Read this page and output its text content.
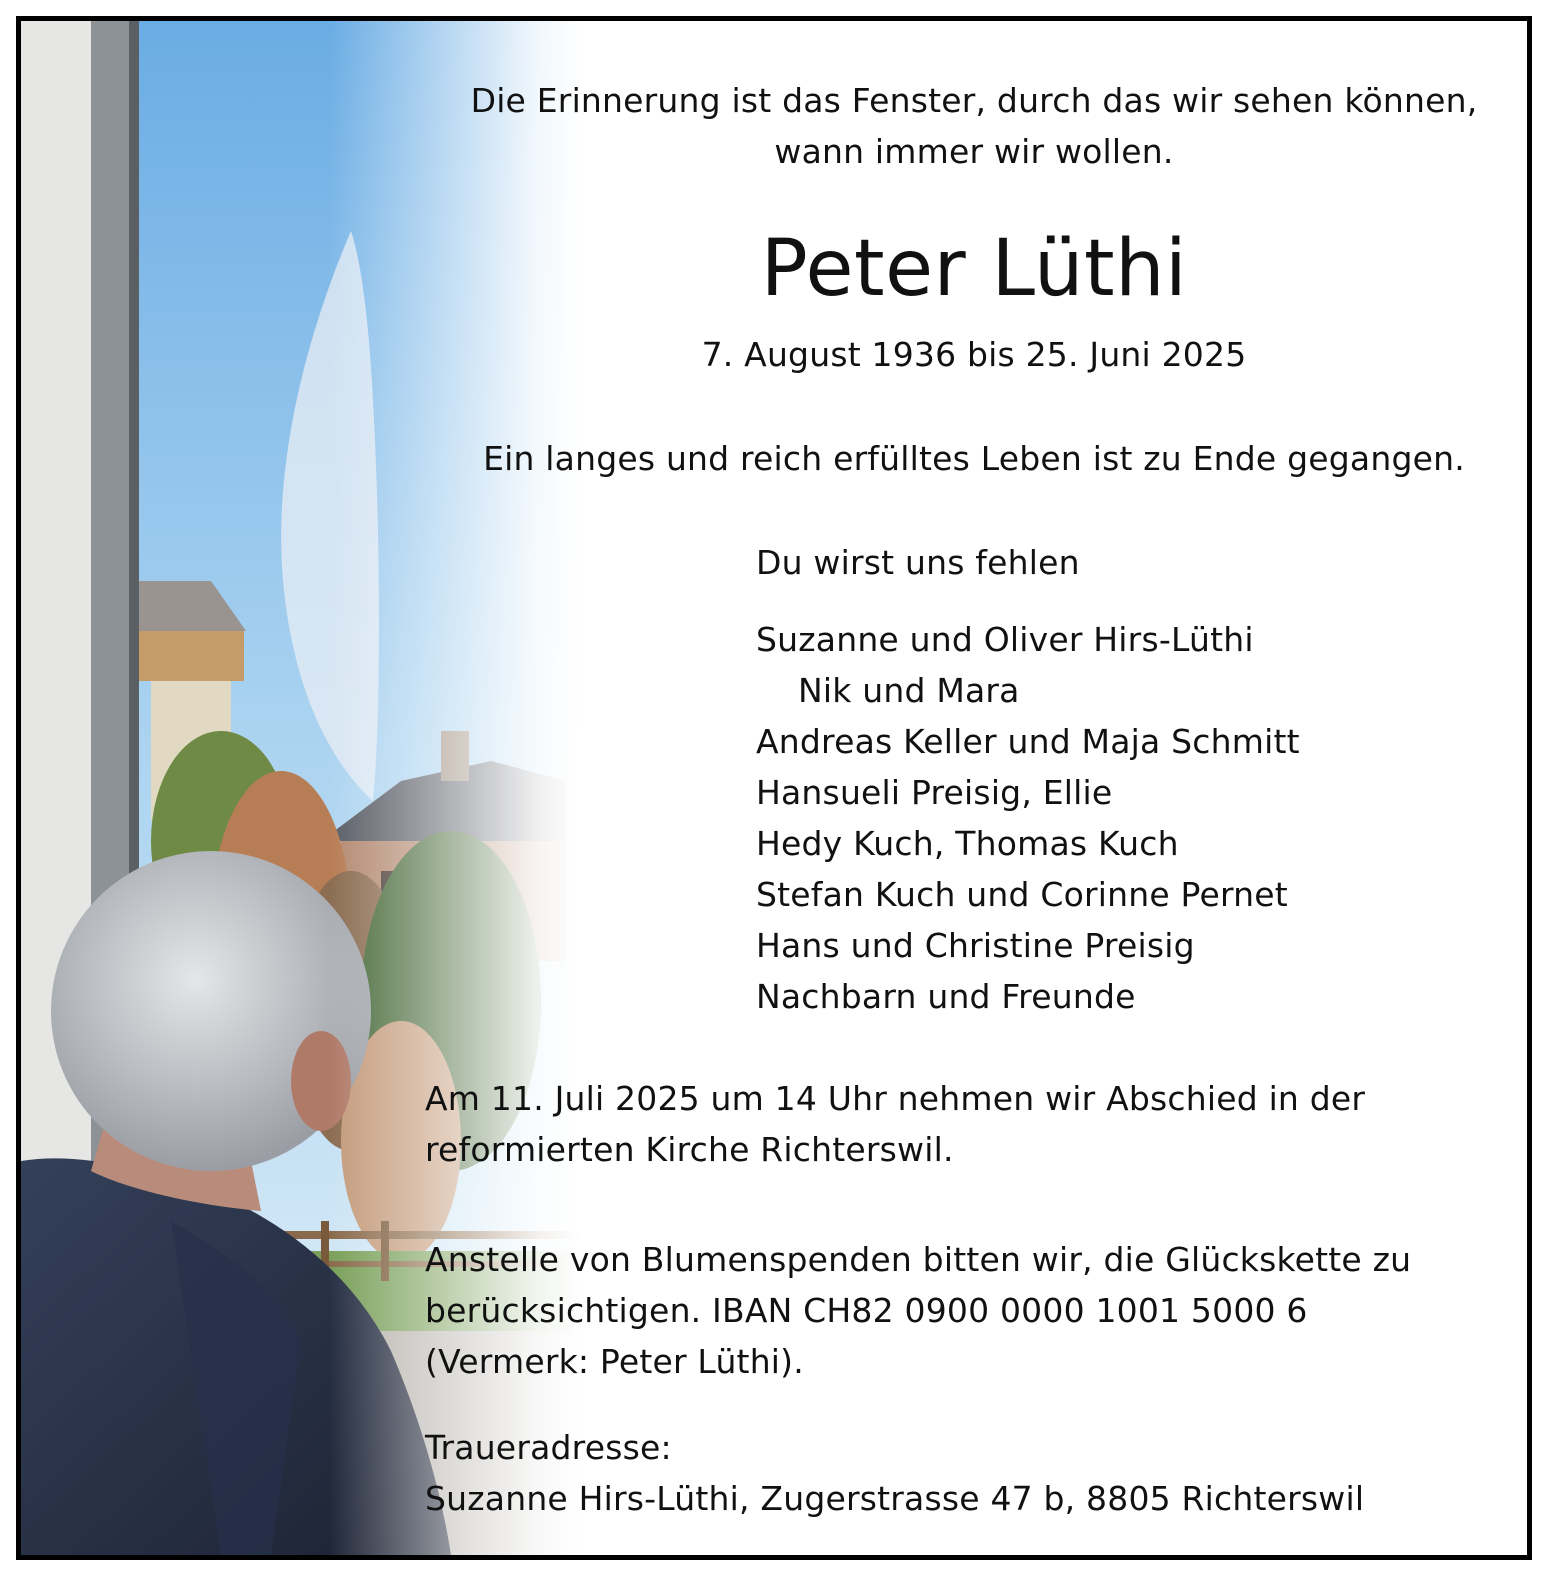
Die Erinnerung ist das Fenster, durch das wir sehen können,
wann immer wir wollen.
Peter Lüthi
7. August 1936 bis 25. Juni 2025
Ein langes und reich erfülltes Leben ist zu Ende gegangen.
Du wirst uns fehlen
Suzanne und Oliver Hirs-Lüthi
Nik und Mara
Andreas Keller und Maja Schmitt
Hansueli Preisig, Ellie
Hedy Kuch, Thomas Kuch
Stefan Kuch und Corinne Pernet
Hans und Christine Preisig
Nachbarn und Freunde
Am 11. Juli 2025 um 14 Uhr nehmen wir Abschied in der
reformierten Kirche Richterswil.
Anstelle von Blumenspenden bitten wir, die Glückskette zu
berücksichtigen. IBAN CH82 0900 0000 1001 5000 6
(Vermerk: Peter Lüthi).
Traueradresse:
Suzanne Hirs-Lüthi, Zugerstrasse 47 b, 8805 Richterswil
